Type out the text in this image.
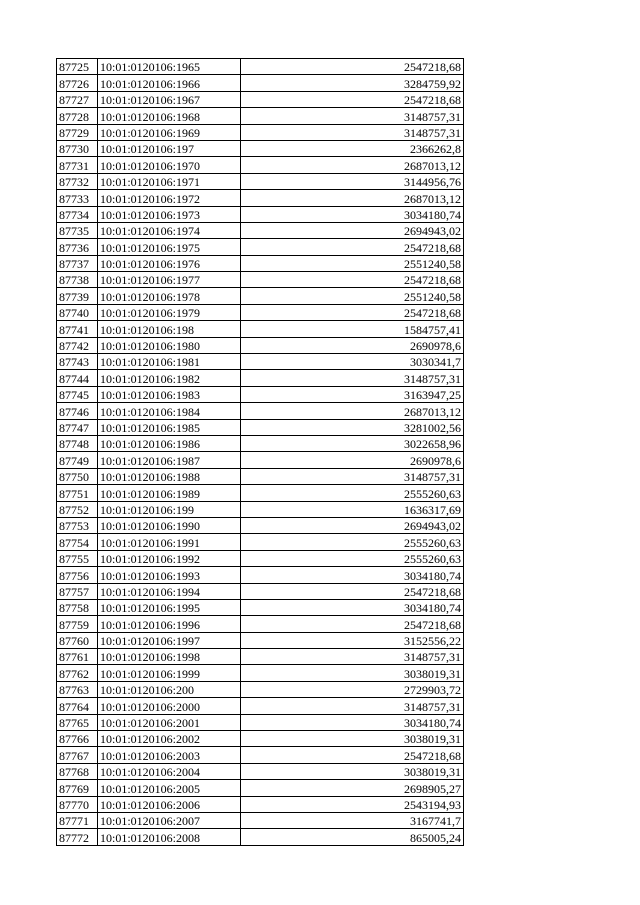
87725	10:01:0120106:1965	2547218,68
87726	10:01:0120106:1966	3284759,92
87727	10:01:0120106:1967	2547218,68
87728	10:01:0120106:1968	3148757,31
87729	10:01:0120106:1969	3148757,31
87730	10:01:0120106:197	2366262,8
87731	10:01:0120106:1970	2687013,12
87732	10:01:0120106:1971	3144956,76
87733	10:01:0120106:1972	2687013,12
87734	10:01:0120106:1973	3034180,74
87735	10:01:0120106:1974	2694943,02
87736	10:01:0120106:1975	2547218,68
87737	10:01:0120106:1976	2551240,58
87738	10:01:0120106:1977	2547218,68
87739	10:01:0120106:1978	2551240,58
87740	10:01:0120106:1979	2547218,68
87741	10:01:0120106:198	1584757,41
87742	10:01:0120106:1980	2690978,6
87743	10:01:0120106:1981	3030341,7
87744	10:01:0120106:1982	3148757,31
87745	10:01:0120106:1983	3163947,25
87746	10:01:0120106:1984	2687013,12
87747	10:01:0120106:1985	3281002,56
87748	10:01:0120106:1986	3022658,96
87749	10:01:0120106:1987	2690978,6
87750	10:01:0120106:1988	3148757,31
87751	10:01:0120106:1989	2555260,63
87752	10:01:0120106:199	1636317,69
87753	10:01:0120106:1990	2694943,02
87754	10:01:0120106:1991	2555260,63
87755	10:01:0120106:1992	2555260,63
87756	10:01:0120106:1993	3034180,74
87757	10:01:0120106:1994	2547218,68
87758	10:01:0120106:1995	3034180,74
87759	10:01:0120106:1996	2547218,68
87760	10:01:0120106:1997	3152556,22
87761	10:01:0120106:1998	3148757,31
87762	10:01:0120106:1999	3038019,31
87763	10:01:0120106:200	2729903,72
87764	10:01:0120106:2000	3148757,31
87765	10:01:0120106:2001	3034180,74
87766	10:01:0120106:2002	3038019,31
87767	10:01:0120106:2003	2547218,68
87768	10:01:0120106:2004	3038019,31
87769	10:01:0120106:2005	2698905,27
87770	10:01:0120106:2006	2543194,93
87771	10:01:0120106:2007	3167741,7
87772	10:01:0120106:2008	865005,24
